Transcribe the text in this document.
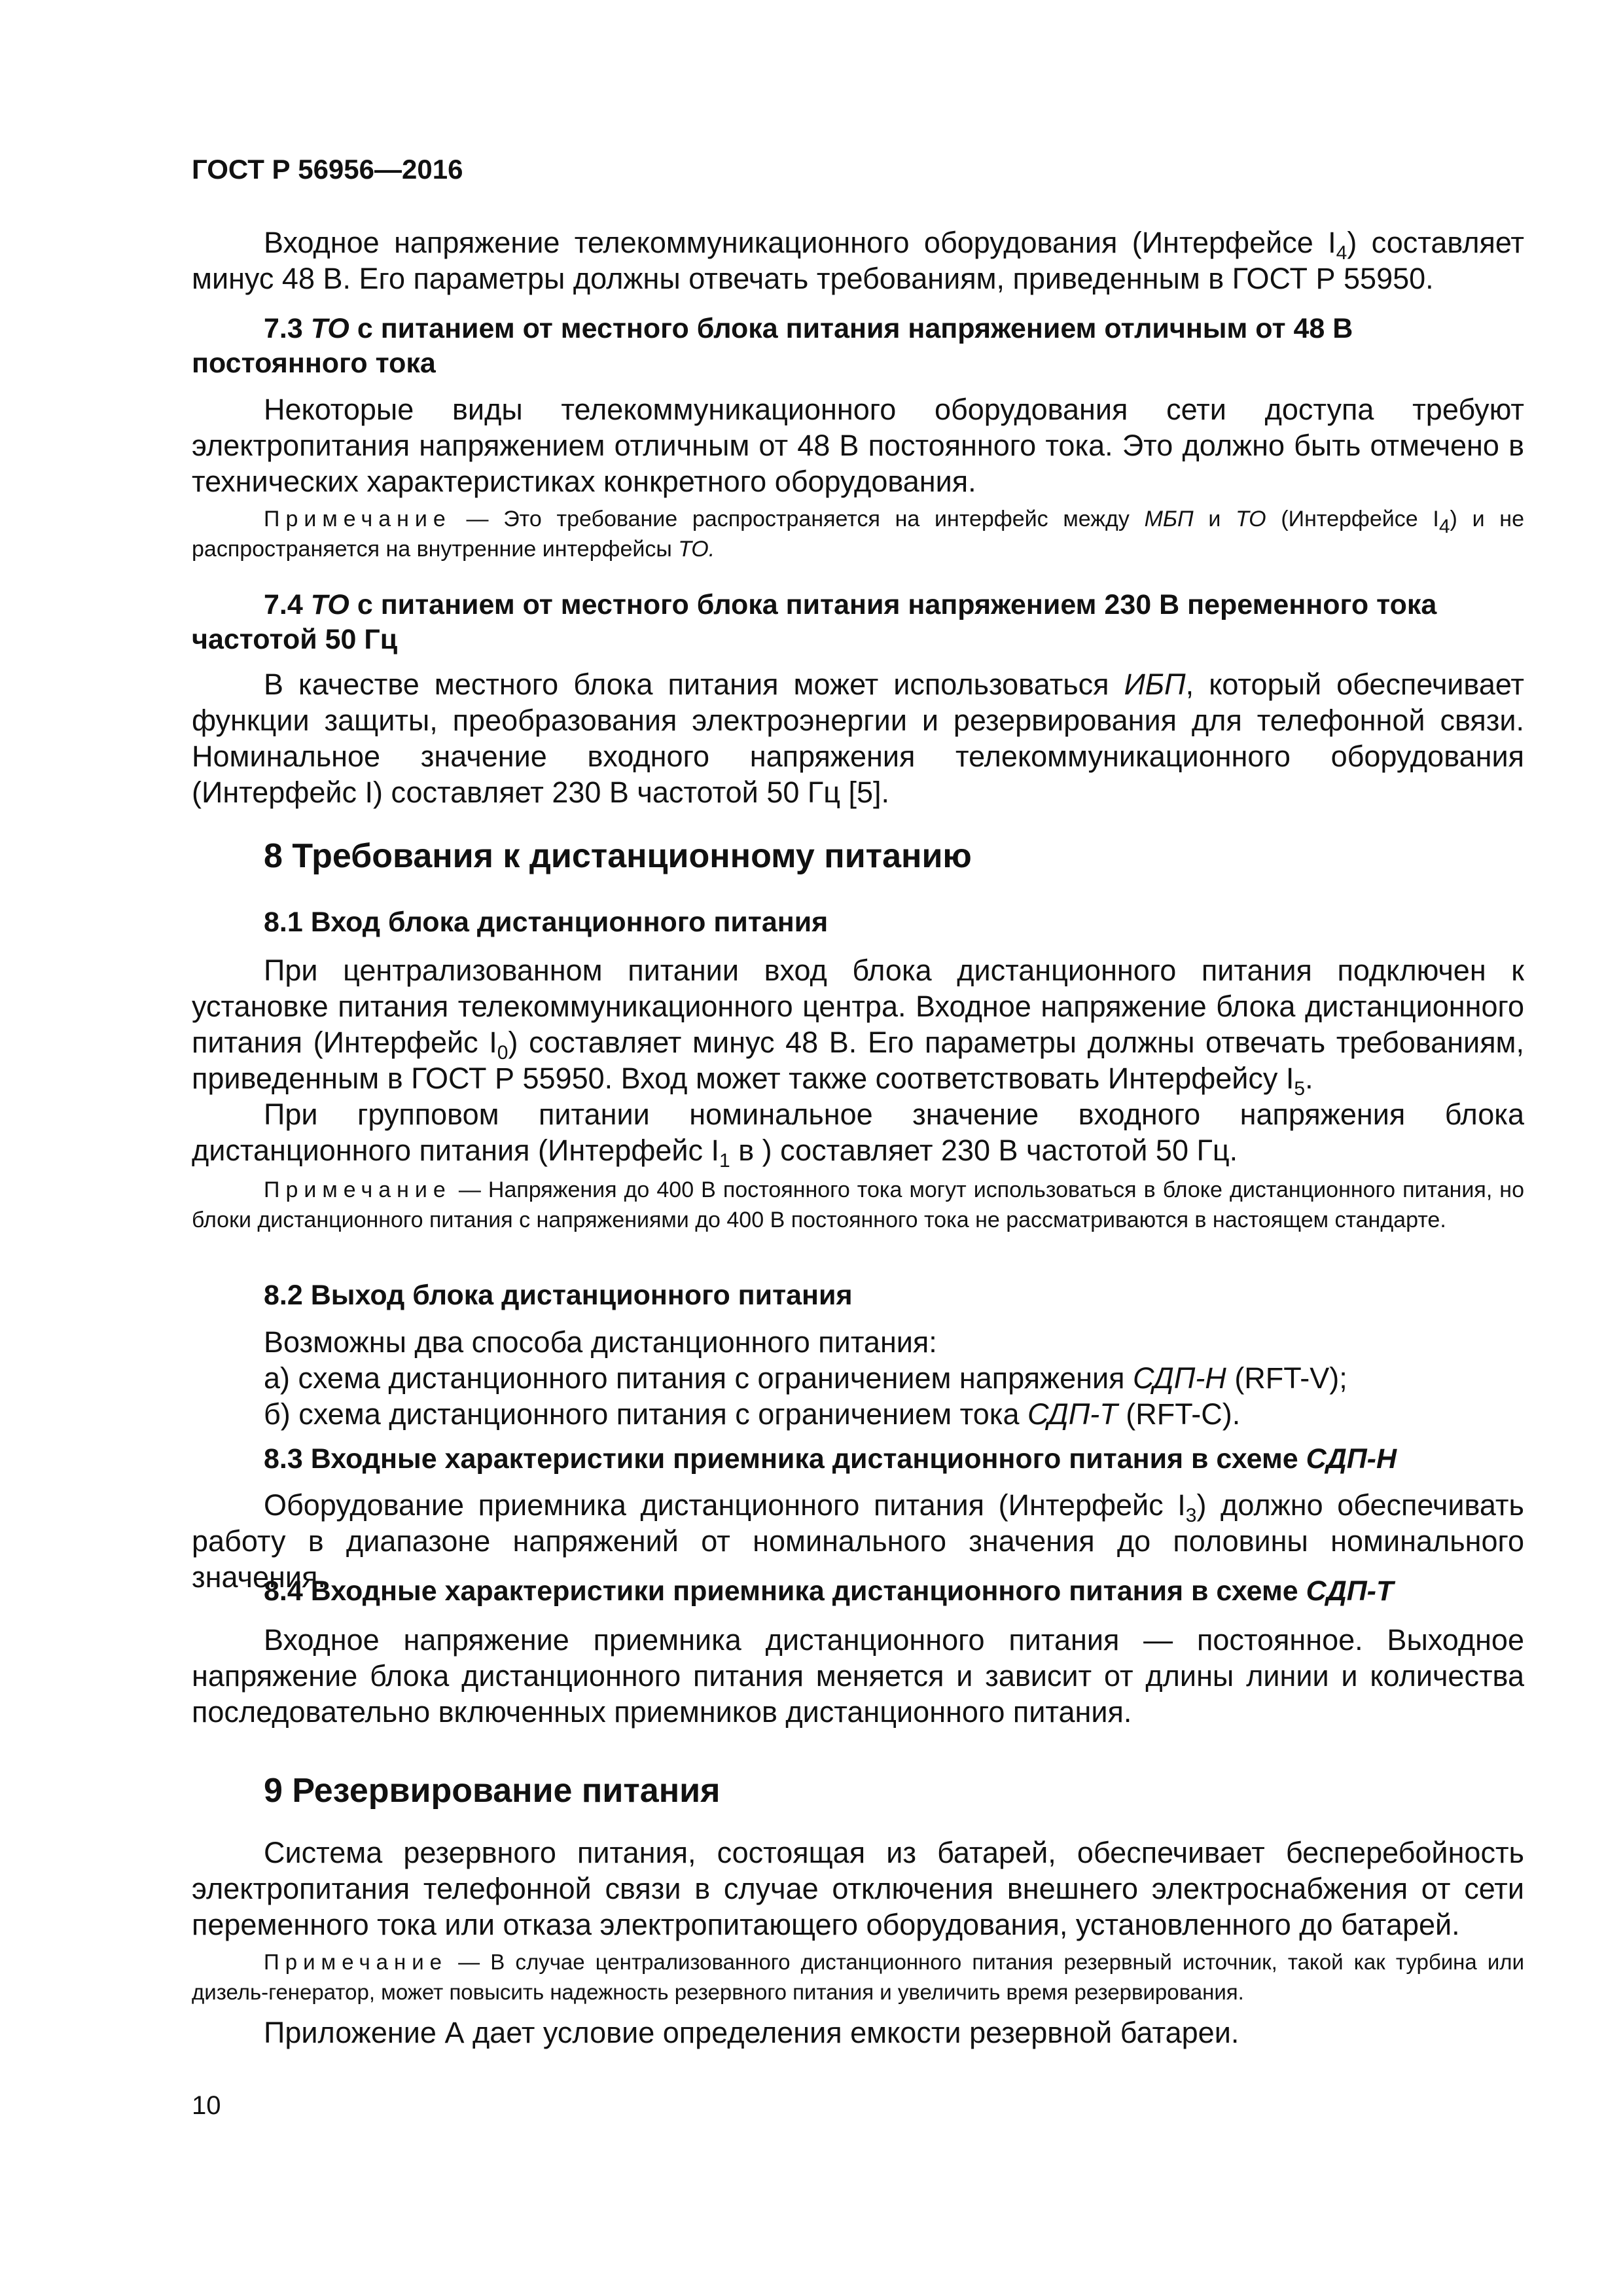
ГОСТ Р 56956—2016

Входное напряжение телекоммуникационного оборудования (Интерфейсе $I_4$) составляет минус 48 В. Его параметры должны отвечать требованиям, приведенным в ГОСТ Р 55950.

7.3 ТО с питанием от местного блока питания напряжением отличным от 48 В постоянного тока

Некоторые виды телекоммуникационного оборудования сети доступа требуют электропитания напряжением отличным от 48 В постоянного тока. Это должно быть отмечено в технических характеристиках конкретного оборудования.

Примечание — Это требование распространяется на интерфейс между МБП и ТО (Интерфейсе $I_4$) и не распространяется на внутренние интерфейсы ТО.

7.4 ТО с питанием от местного блока питания напряжением 230 В переменного тока частотой 50 Гц

В качестве местного блока питания может использоваться ИБП, который обеспечивает функции защиты, преобразования электроэнергии и резервирования для телефонной связи. Номинальное значение входного напряжения телекоммуникационного оборудования (Интерфейс I) составляет 230 В частотой 50 Гц [5].

8 Требования к дистанционному питанию

8.1 Вход блока дистанционного питания

При централизованном питании вход блока дистанционного питания подключен к установке питания телекоммуникационного центра. Входное напряжение блока дистанционного питания (Интерфейс $I_0$) составляет минус 48 В. Его параметры должны отвечать требованиям, приведенным в ГОСТ Р 55950. Вход может также соответствовать Интерфейсу $I_5$.

При групповом питании номинальное значение входного напряжения блока дистанционного питания (Интерфейс $I_1$ в ) составляет 230 В частотой 50 Гц.

Примечание — Напряжения до 400 В постоянного тока могут использоваться в блоке дистанционного питания, но блоки дистанционного питания с напряжениями до 400 В постоянного тока не рассматриваются в настоящем стандарте.

8.2 Выход блока дистанционного питания

Возможны два способа дистанционного питания:

а) схема дистанционного питания с ограничением напряжения СДП-Н (RFT-V);

б) схема дистанционного питания с ограничением тока СДП-Т (RFT-C).

8.3 Входные характеристики приемника дистанционного питания в схеме СДП-Н

Оборудование приемника дистанционного питания (Интерфейс $I_3$) должно обеспечивать работу в диапазоне напряжений от номинального значения до половины номинального значения.

8.4 Входные характеристики приемника дистанционного питания в схеме СДП-Т

Входное напряжение приемника дистанционного питания — постоянное. Выходное напряжение блока дистанционного питания меняется и зависит от длины линии и количества последовательно включенных приемников дистанционного питания.

9 Резервирование питания

Система резервного питания, состоящая из батарей, обеспечивает бесперебойность электропитания телефонной связи в случае отключения внешнего электроснабжения от сети переменного тока или отказа электропитающего оборудования, установленного до батарей.

Примечание — В случае централизованного дистанционного питания резервный источник, такой как турбина или дизель-генератор, может повысить надежность резервного питания и увеличить время резервирования.

Приложение А дает условие определения емкости резервной батареи.

10
